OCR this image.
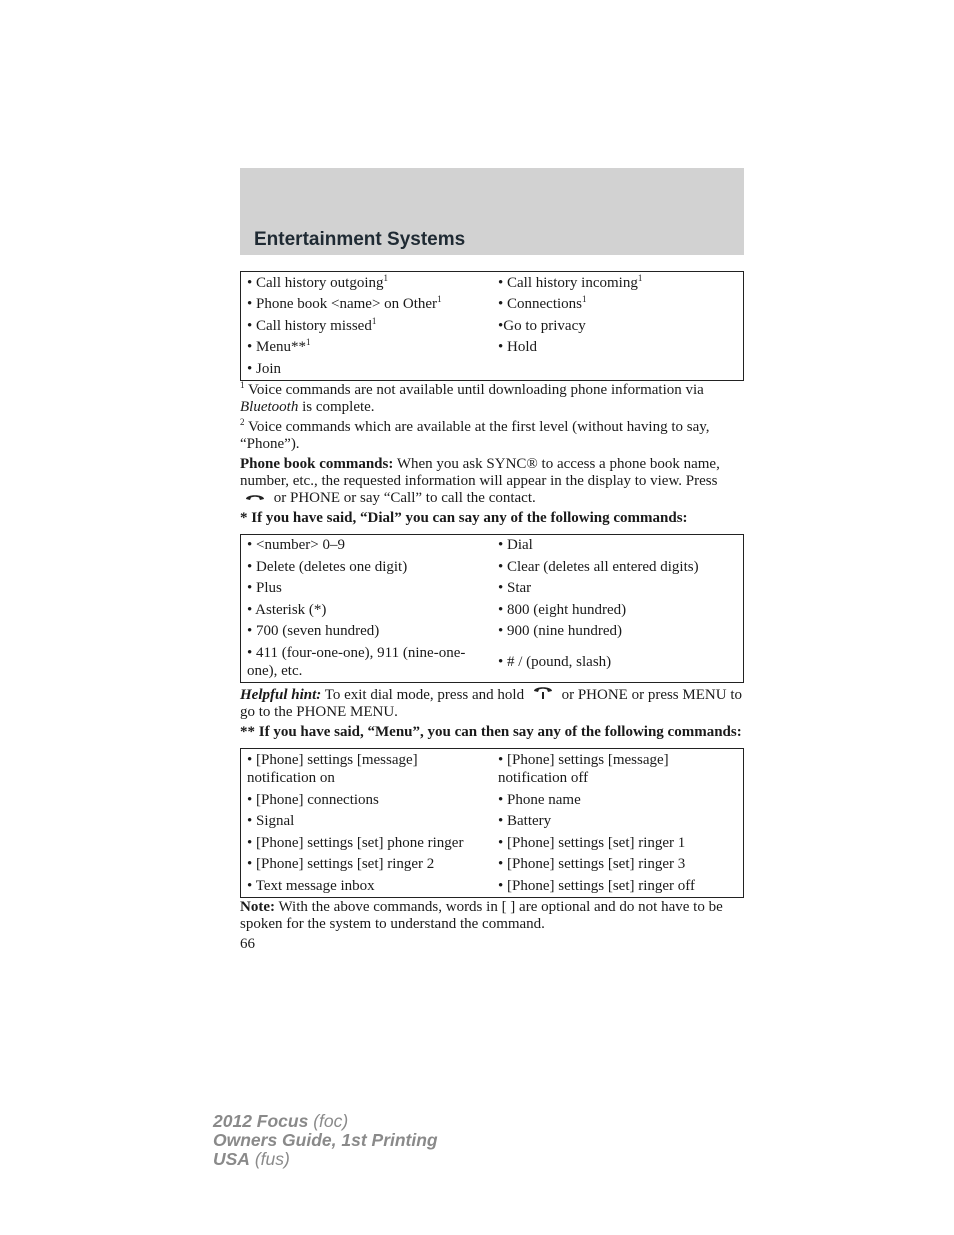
Entertainment Systems
• Call history outgoing$^1$	• Call history incoming$^1$
• Phone book <name> on Other$^1$	• Connections$^1$
• Call history missed$^1$	•Go to privacy
• Menu**$^1$	• Hold
• Join	

$^1$ Voice commands are not available until downloading phone information via Bluetooth is complete.

$^2$ Voice commands which are available at the first level (without having to say, “Phone”).

Phone book commands: When you ask SYNC® to access a phone book name, number, etc., the requested information will appear in the display to view. Press  or PHONE or say “Call” to call the contact.

* If you have said, “Dial” you can say any of the following commands:

• <number> 0–9	• Dial
• Delete (deletes one digit)	• Clear (deletes all entered digits)
• Plus	• Star
• Asterisk (*)	• 800 (eight hundred)
• 700 (seven hundred)	• 900 (nine hundred)
• 411 (four-one-one), 911 (nine-one-one), etc.	• # / (pound, slash)

Helpful hint: To exit dial mode, press and hold  or PHONE or press MENU to go to the PHONE MENU.

** If you have said, “Menu”, you can then say any of the following commands:

• [Phone] settings [message] notification on	• [Phone] settings [message] notification off
• [Phone] connections	• Phone name
• Signal	• Battery
• [Phone] settings [set] phone ringer	• [Phone] settings [set] ringer 1
• [Phone] settings [set] ringer 2	• [Phone] settings [set] ringer 3
• Text message inbox	• [Phone] settings [set] ringer off

Note: With the above commands, words in [ ] are optional and do not have to be spoken for the system to understand the command.

66

2012 Focus (foc)
Owners Guide, 1st Printing
USA (fus)
